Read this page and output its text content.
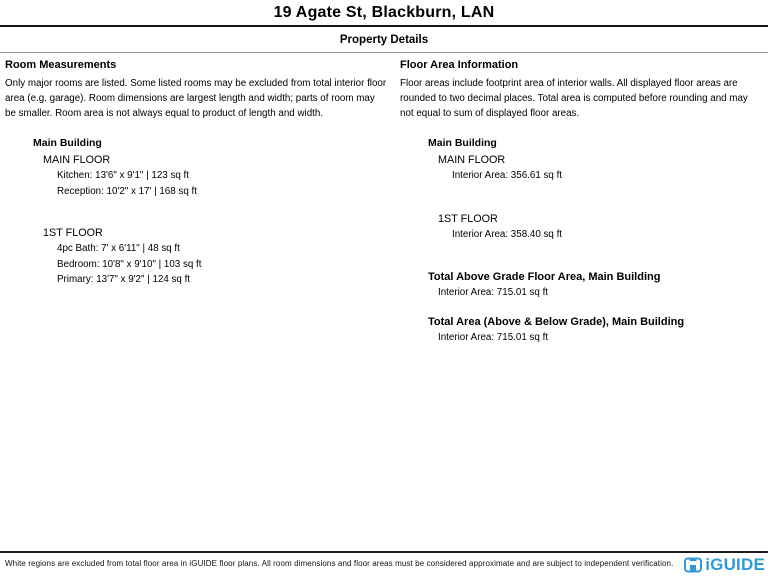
19 Agate St, Blackburn, LAN
Property Details
Room Measurements

Only major rooms are listed. Some listed rooms may be excluded from total interior floor area (e.g. garage). Room dimensions are largest length and width; parts of room may be smaller. Room area is not always equal to product of length and width.

Main Building
MAIN FLOOR
Kitchen: 13'6" x 9'1" | 123 sq ft
Reception: 10'2" x 17' | 168 sq ft
1ST FLOOR
4pc Bath: 7' x 6'11" | 48 sq ft
Bedroom: 10'8" x 9'10" | 103 sq ft
Primary: 13'7" x 9'2" | 124 sq ft
Floor Area Information

Floor areas include footprint area of interior walls. All displayed floor areas are rounded to two decimal places. Total area is computed before rounding and may not equal to sum of displayed floor areas.

Main Building
MAIN FLOOR
Interior Area: 356.61 sq ft
1ST FLOOR
Interior Area: 358.40 sq ft
Total Above Grade Floor Area, Main Building
Interior Area: 715.01 sq ft
Total Area (Above & Below Grade), Main Building
Interior Area: 715.01 sq ft
White regions are excluded from total floor area in iGUIDE floor plans. All room dimensions and floor areas must be considered approximate and are subject to independent verification. iGUIDE
